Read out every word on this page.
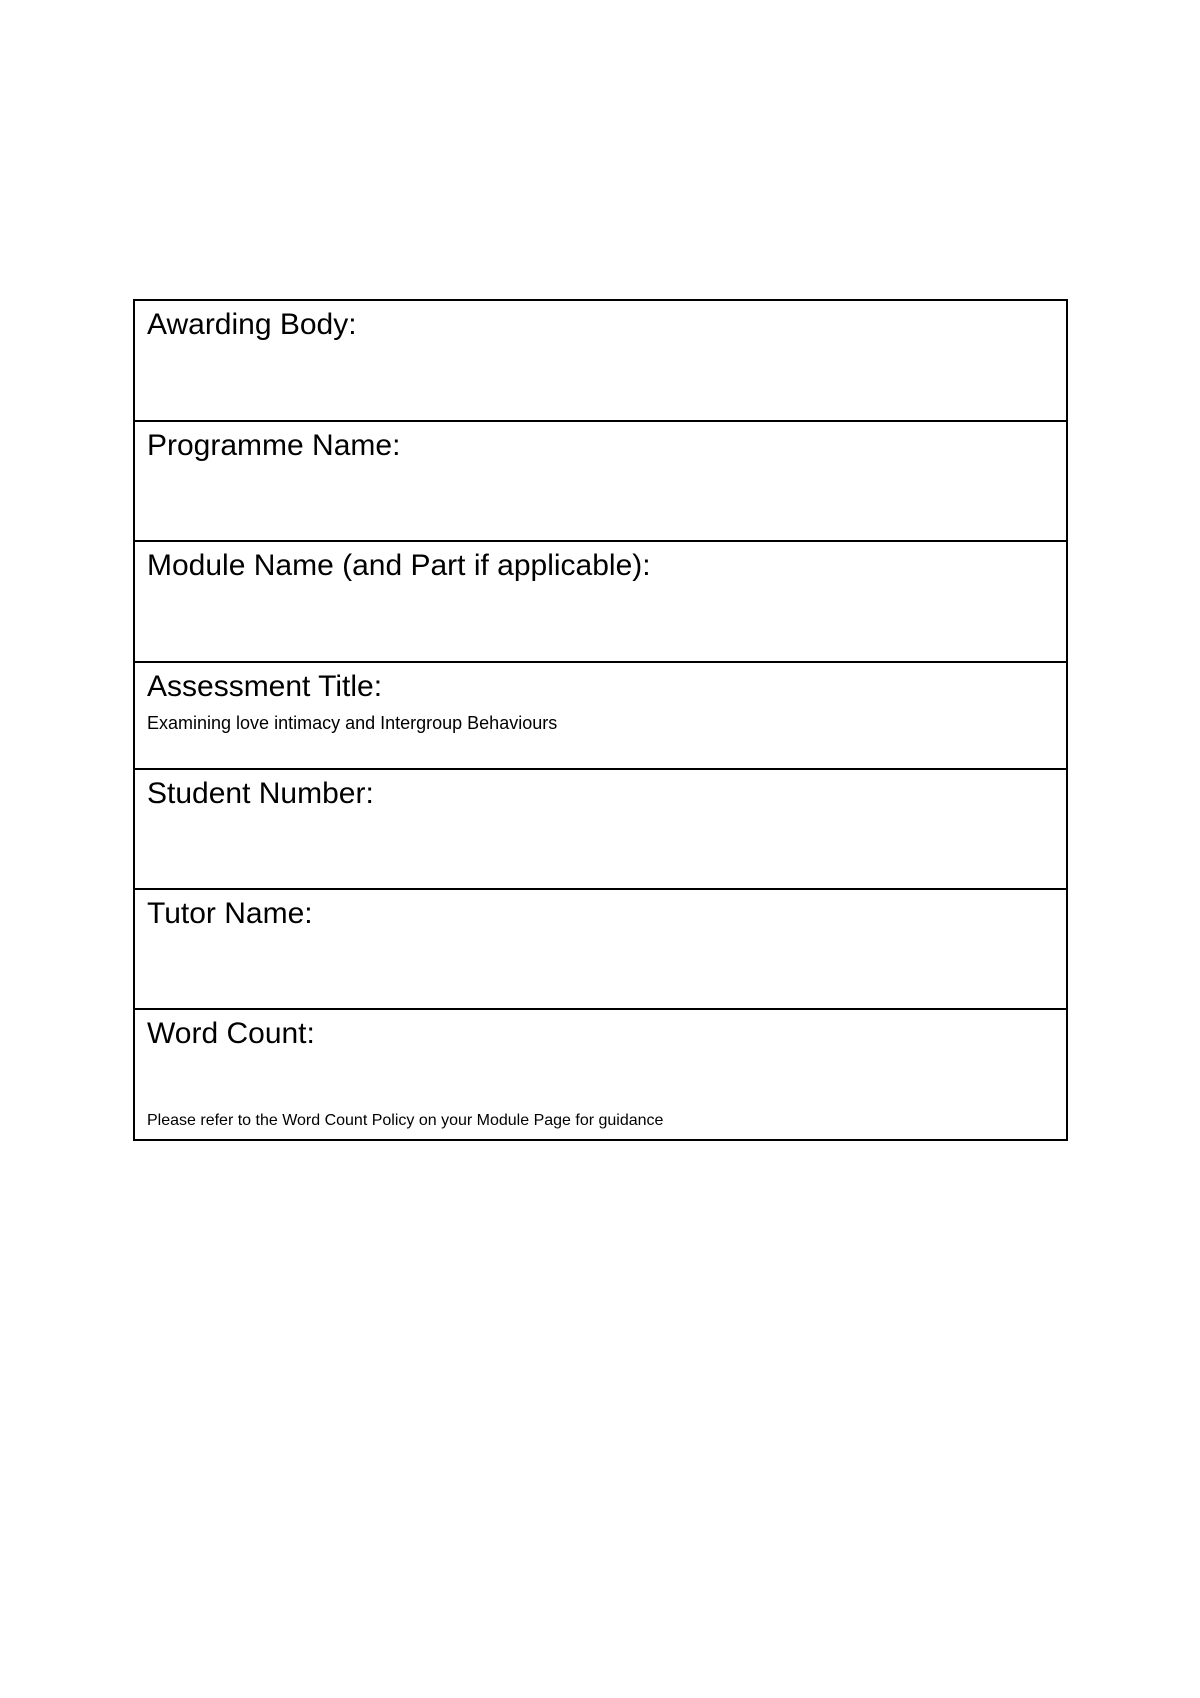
Awarding Body:
Programme Name:
Module Name (and Part if applicable):
Assessment Title:
Examining love intimacy and Intergroup Behaviours
Student Number:
Tutor Name:
Word Count:
Please refer to the Word Count Policy on your Module Page for guidance
